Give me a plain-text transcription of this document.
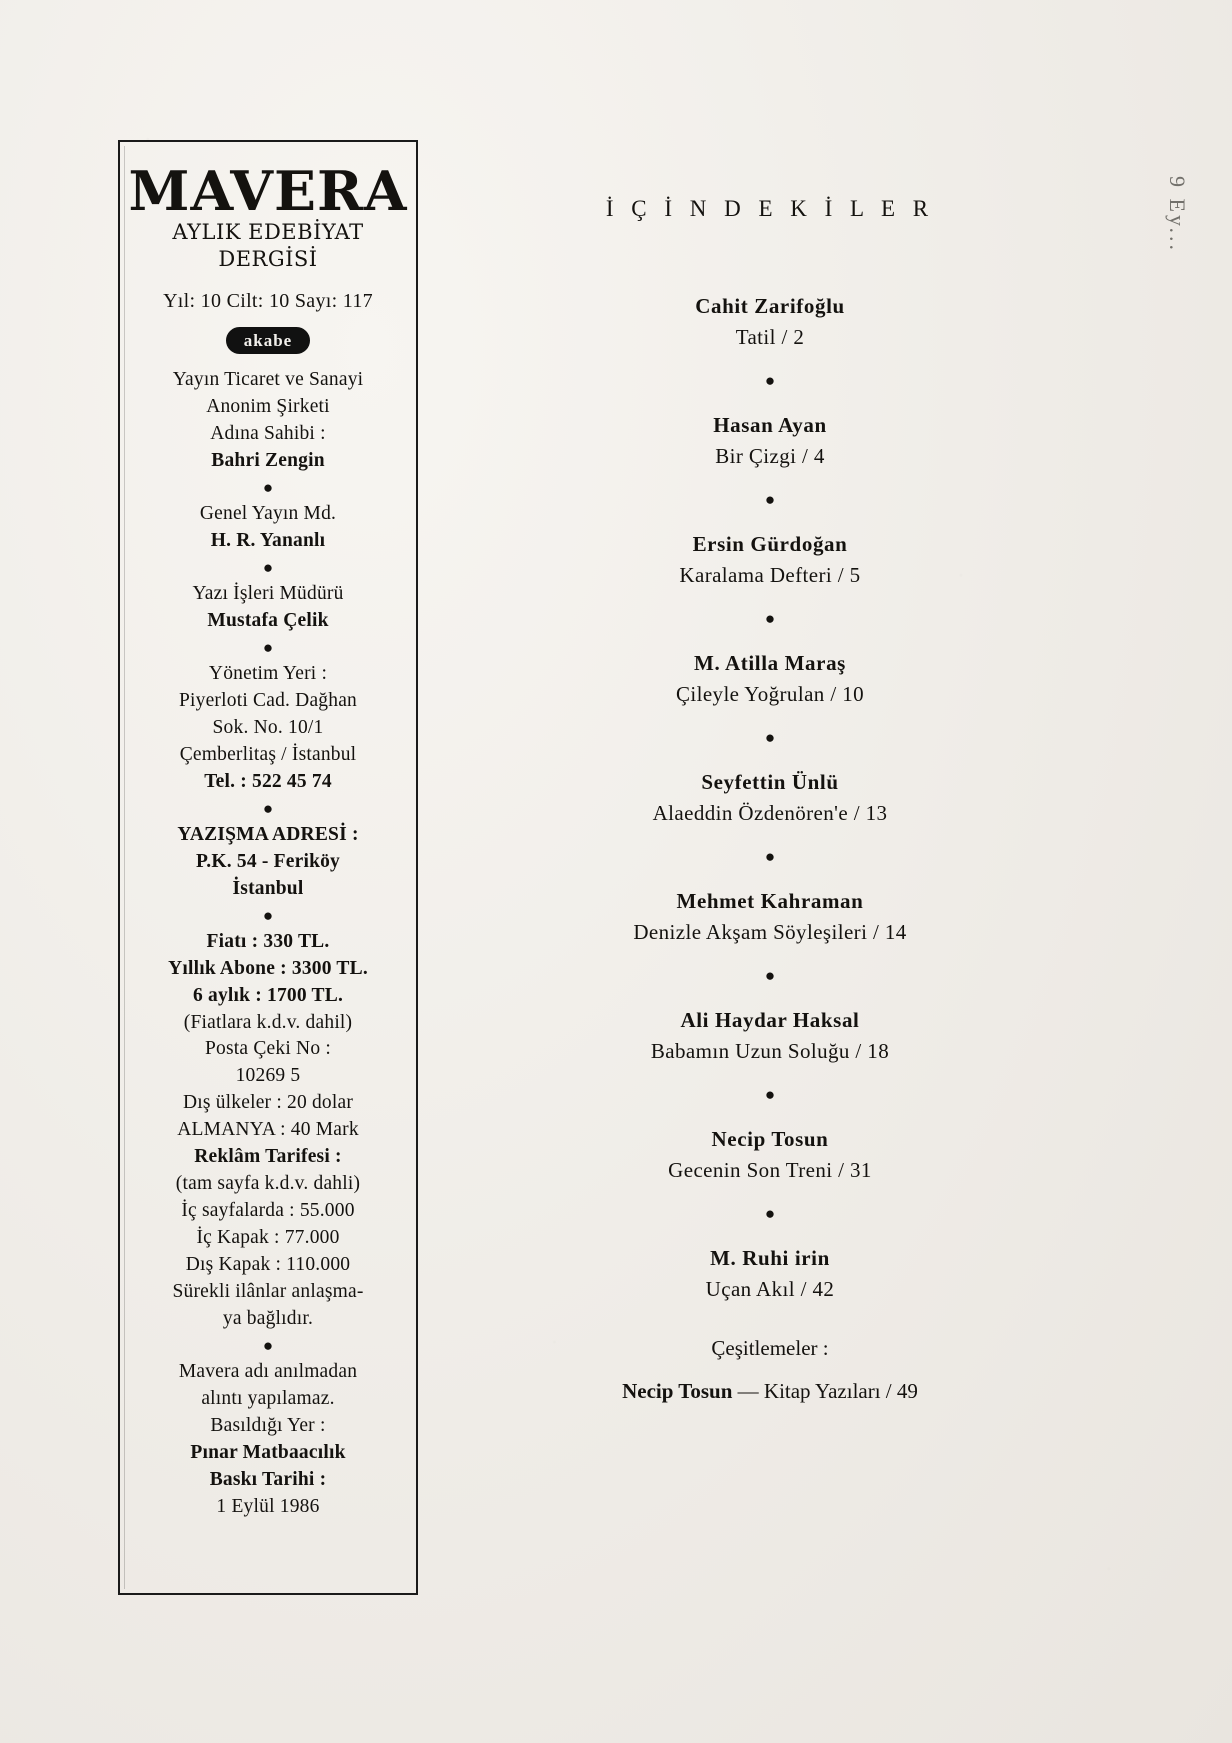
MAVERA
AYLIK EDEBİYAT DERGİSİ
Yıl: 10 Cilt: 10 Sayı: 117
akabe
Yayın Ticaret ve Sanayi
Anonim Şirketi
Adına Sahibi :
Bahri Zengin
●
Genel Yayın Md.
H. R. Yananlı
●
Yazı İşleri Müdürü
Mustafa Çelik
●
Yönetim Yeri :
Piyerloti Cad. Dağhan
Sok. No. 10/1
Çemberlitaş / İstanbul
Tel. : 522 45 74
●
YAZIŞMA ADRESİ :
P.K. 54 - Feriköy
İstanbul
●
Fiatı : 330 TL.
Yıllık Abone : 3300 TL.
6 aylık : 1700 TL.
(Fiatlara k.d.v. dahil)
Posta Çeki No :
10269 5
Dış ülkeler : 20 dolar
ALMANYA : 40 Mark
Reklâm Tarifesi :
(tam sayfa k.d.v. dahli)
İç sayfalarda : 55.000
İç Kapak : 77.000
Dış Kapak : 110.000
Sürekli ilânlar anlaşma-
ya bağlıdır.
●
Mavera adı anılmadan
alıntı yapılamaz.
Basıldığı Yer :
Pınar Matbaacılık
Baskı Tarihi :
1 Eylül 1986
İ Ç İ N D E K İ L E R
Cahit Zarifoğlu
Tatil / 2
●
Hasan Ayan
Bir Çizgi / 4
●
Ersin Gürdoğan
Karalama Defteri / 5
●
M. Atilla Maraş
Çileyle Yoğrulan / 10
●
Seyfettin Ünlü
Alaeddin Özdenören'e / 13
●
Mehmet Kahraman
Denizle Akşam Söyleşileri / 14
●
Ali Haydar Haksal
Babamın Uzun Soluğu / 18
●
Necip Tosun
Gecenin Son Treni / 31
●
M. Ruhi irin
Uçan Akıl / 42
Çeşitlemeler :
Necip Tosun — Kitap Yazıları / 49
9 Ey...
